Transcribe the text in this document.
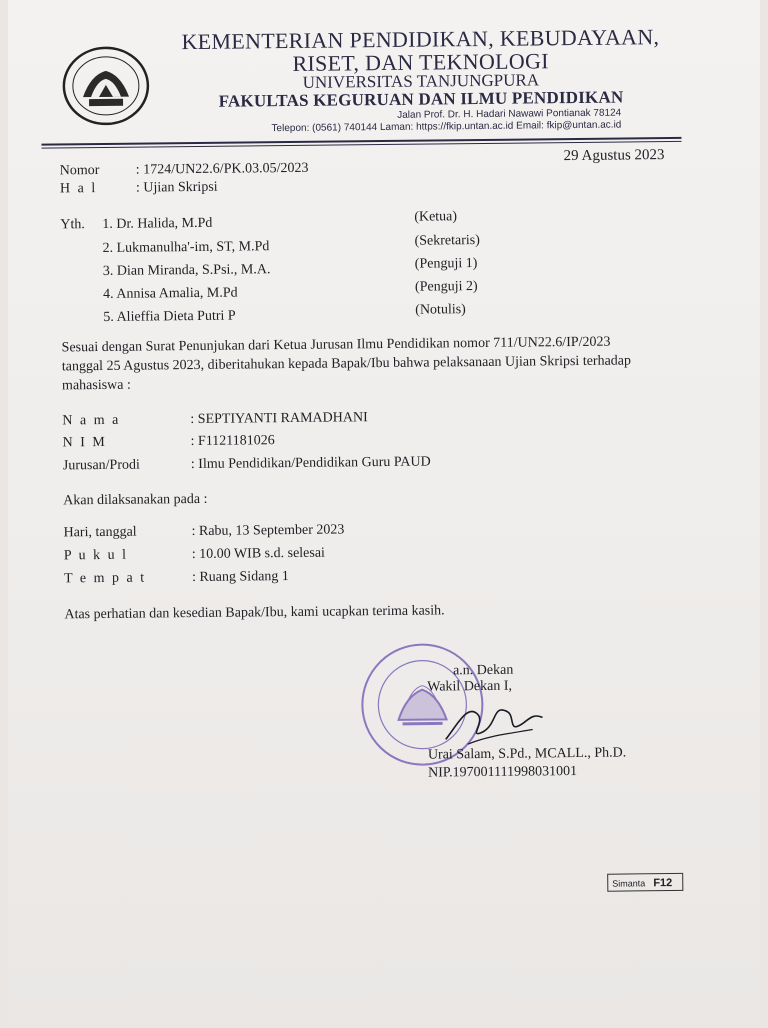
KEMENTERIAN PENDIDIKAN, KEBUDAYAAN,
RISET, DAN TEKNOLOGI
UNIVERSITAS TANJUNGPURA
FAKULTAS KEGURUAN DAN ILMU PENDIDIKAN
Jalan Prof. Dr. H. Hadari Nawawi Pontianak 78124
Telepon: (0561) 740144 Laman: https://fkip.untan.ac.id Email: fkip@untan.ac.id
29 Agustus 2023
Nomor	: 1724/UN22.6/PK.03.05/2023
H a l	: Ujian Skripsi
Yth. 1. Dr. Halida, M.Pd	(Ketua)
2. Lukmanulha'-im, ST, M.Pd	(Sekretaris)
3. Dian Miranda, S.Psi., M.A.	(Penguji 1)
4. Annisa Amalia, M.Pd	(Penguji 2)
5. Alieffia Dieta Putri P	(Notulis)
Sesuai dengan Surat Penunjukan dari Ketua Jurusan Ilmu Pendidikan nomor 711/UN22.6/IP/2023 tanggal 25 Agustus 2023, diberitahukan kepada Bapak/Ibu bahwa pelaksanaan Ujian Skripsi terhadap mahasiswa :
N a m a	: SEPTIYANTI RAMADHANI
N I M	: F1121181026
Jurusan/Prodi	: Ilmu Pendidikan/Pendidikan Guru PAUD
Akan dilaksanakan pada :
Hari, tanggal	: Rabu, 13 September 2023
P u k u l	: 10.00 WIB s.d. selesai
T e m p a t	: Ruang Sidang 1
Atas perhatian dan kesedian Bapak/Ibu, kami ucapkan terima kasih.
a.n. Dekan
Wakil Dekan I,
Urai Salam, S.Pd., MCALL., Ph.D.
NIP.197001111998031001
Simanta F12
